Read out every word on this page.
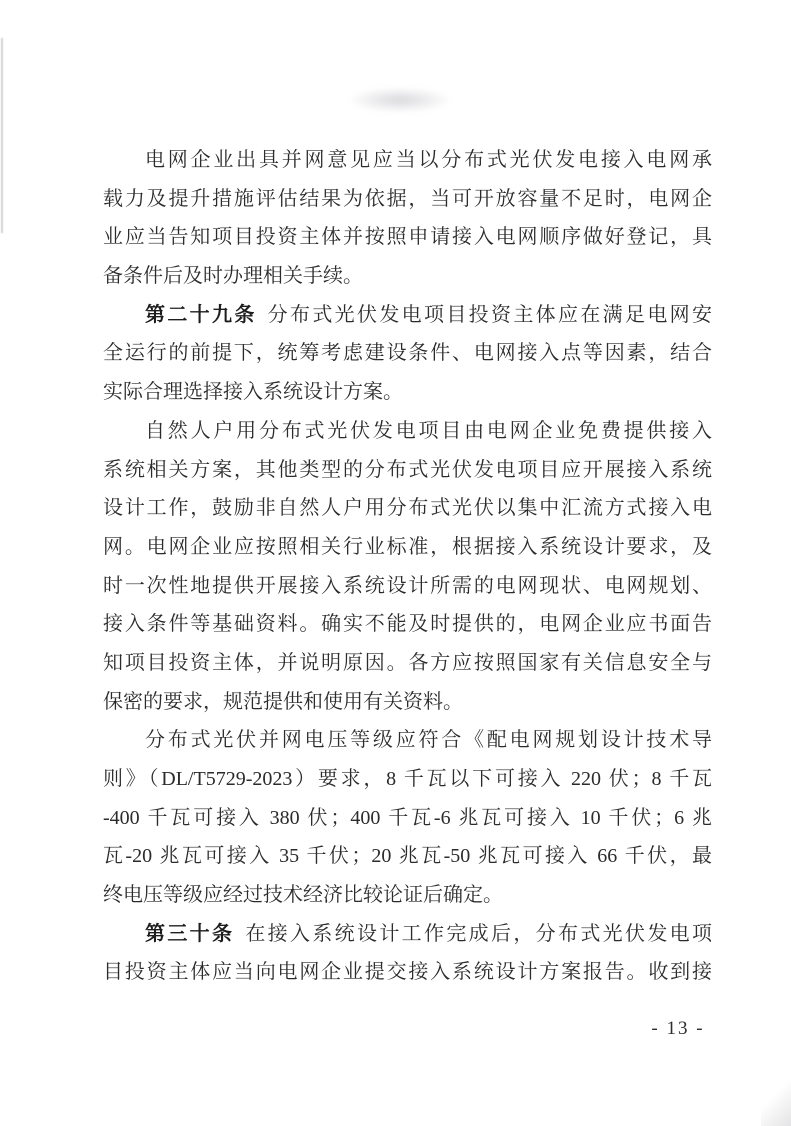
电网企业出具并网意见应当以分布式光伏发电接入电网承
载力及提升措施评估结果为依据，当可开放容量不足时，电网企
业应当告知项目投资主体并按照申请接入电网顺序做好登记，具
备条件后及时办理相关手续。
第二十九条 分布式光伏发电项目投资主体应在满足电网安
全运行的前提下，统筹考虑建设条件、电网接入点等因素，结合
实际合理选择接入系统设计方案。
自然人户用分布式光伏发电项目由电网企业免费提供接入
系统相关方案，其他类型的分布式光伏发电项目应开展接入系统
设计工作，鼓励非自然人户用分布式光伏以集中汇流方式接入电
网。电网企业应按照相关行业标准，根据接入系统设计要求，及
时一次性地提供开展接入系统设计所需的电网现状、电网规划、
接入条件等基础资料。确实不能及时提供的，电网企业应书面告
知项目投资主体，并说明原因。各方应按照国家有关信息安全与
保密的要求，规范提供和使用有关资料。
分布式光伏并网电压等级应符合《配电网规划设计技术导
则》（DL/T5729-2023）要求，8 千瓦以下可接入 220 伏；8 千瓦
-400 千瓦可接入 380 伏；400 千瓦-6 兆瓦可接入 10 千伏；6 兆
瓦-20 兆瓦可接入 35 千伏；20 兆瓦-50 兆瓦可接入 66 千伏，最
终电压等级应经过技术经济比较论证后确定。
第三十条 在接入系统设计工作完成后，分布式光伏发电项
目投资主体应当向电网企业提交接入系统设计方案报告。收到接
- 13 -
